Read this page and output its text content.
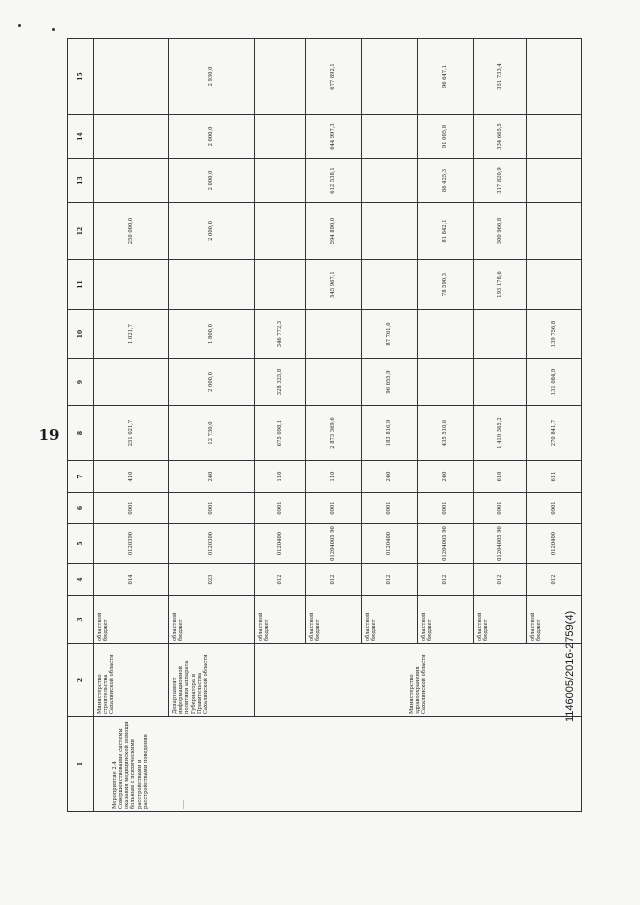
19
1	2	3	4	5	6	7	8	9	10	11	12	13	14	15
Мероприятие 2.4 Совершенствование системы оказания медицинской помощи больным с психическими расстройствами и расстройствами поведения ___	Министерство строительства Сахалинской области	областной бюджет	014	0120390	0901	410	251 021,7		1 021,7		250 000,0			
	Департамент информационной политики аппарата Губернатора и Правительства Сахалинской области	областной бюджет	023	0120300	0901	240	12 730,0	2 000,0	1 800,0		2 000,0	2 000,0	2 000,0	2 930,0
	Министерство здравоохранения Сахалинской области	областной бюджет	012	0120400	0901	110	675 098,1	328 325,8	346 772,3					
		областной бюджет	012	01204005 90	0901	110	2 873 369,6			545 967,1	594 890,0	612 538,1	644 997,3	677 892,1
		областной бюджет	012	0120400	0901	240	183 816,9	96 055,9	87 761,0					
		областной бюджет	012	01204005 90	0901	240	435 510,6			78 590,3	81 842,1	86 425,3	91 005,8	96 647,1
		областной бюджет	012	01204005 90	0901	610	1 410 365,2			193 178,6	300 966,8	317 820,9	334 665,5	351 733,4
		областной бюджет	012	0120400	0901	611	270 841,7	131 084,9	139 756,8					
1146005/2016-2759(4)
